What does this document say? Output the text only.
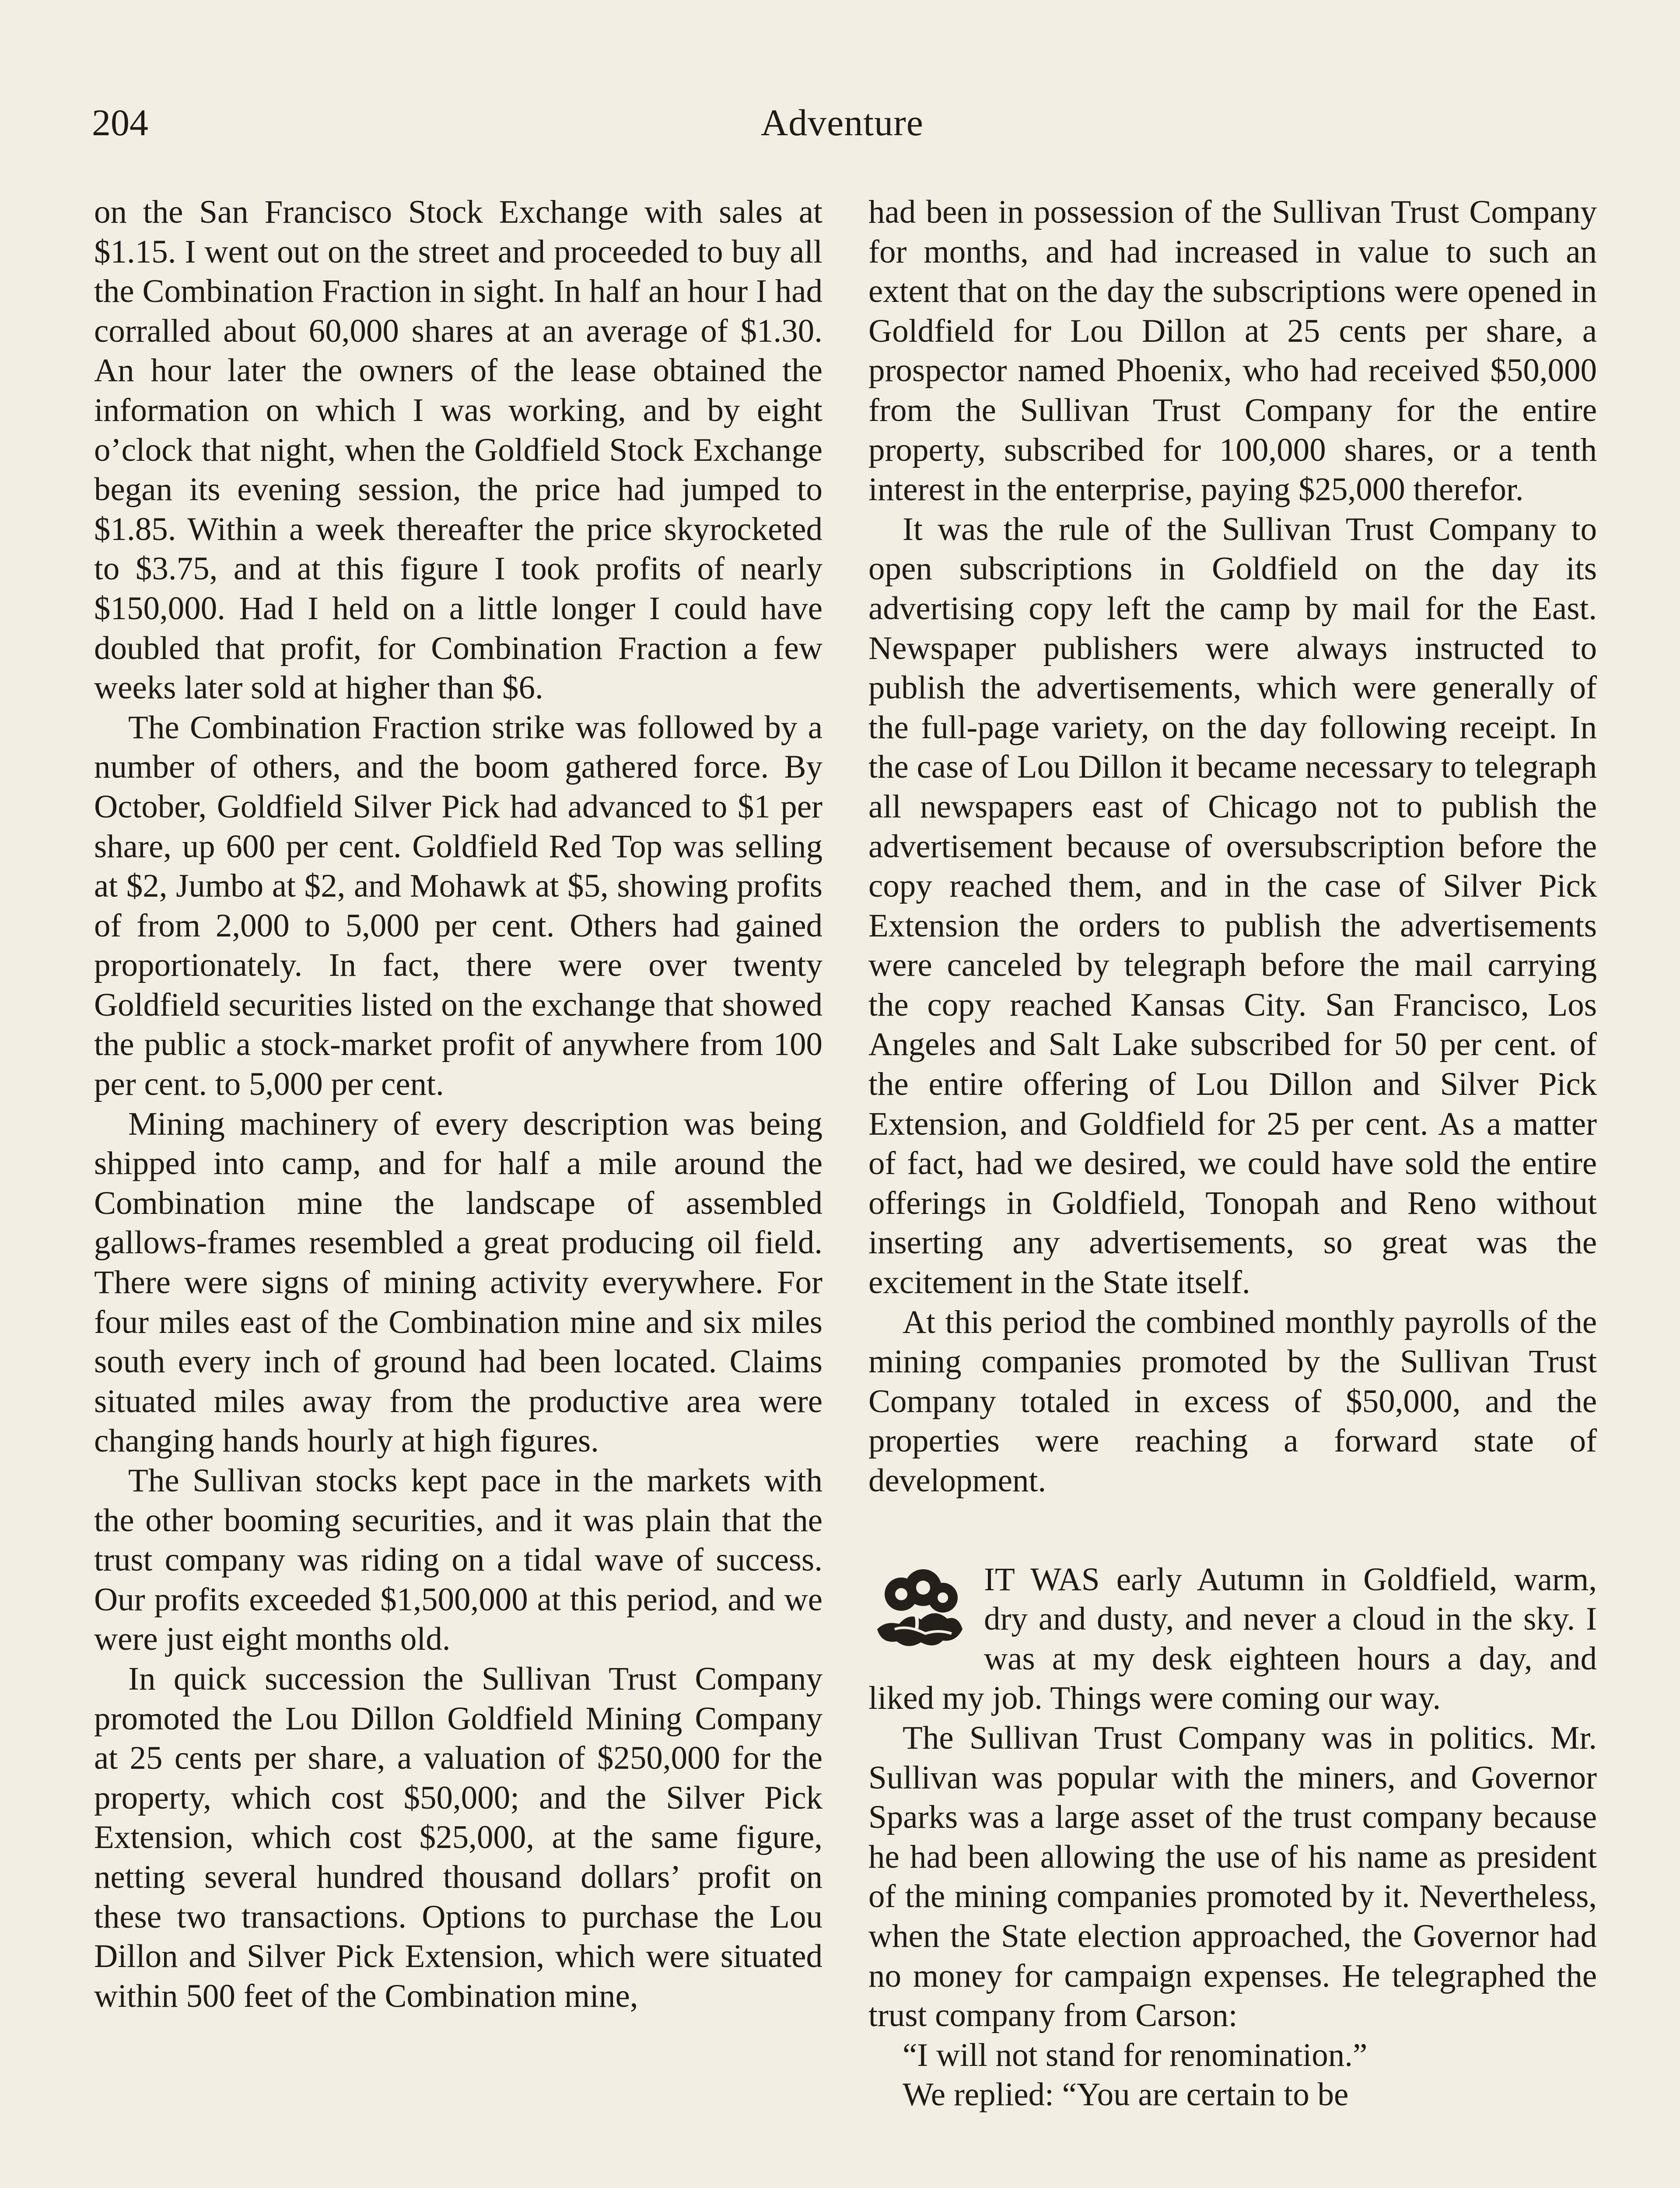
204	Adventure

on the San Francisco Stock Exchange with sales at $1.15. I went out on the street and proceeded to buy all the Combination Fraction in sight. In half an hour I had corralled about 60,000 shares at an average of $1.30. An hour later the owners of the lease obtained the information on which I was working, and by eight o’clock that night, when the Goldfield Stock Exchange began its evening session, the price had jumped to $1.85. Within a week thereafter the price skyrocketed to $3.75, and at this figure I took profits of nearly $150,000. Had I held on a little longer I could have doubled that profit, for Combination Fraction a few weeks later sold at higher than $6.

The Combination Fraction strike was followed by a number of others, and the boom gathered force. By October, Goldfield Silver Pick had advanced to $1 per share, up 600 per cent. Goldfield Red Top was selling at $2, Jumbo at $2, and Mohawk at $5, showing profits of from 2,000 to 5,000 per cent. Others had gained proportionately. In fact, there were over twenty Goldfield securities listed on the exchange that showed the public a stock-market profit of anywhere from 100 per cent. to 5,000 per cent.

Mining machinery of every description was being shipped into camp, and for half a mile around the Combination mine the landscape of assembled gallows-frames resembled a great producing oil field. There were signs of mining activity everywhere. For four miles east of the Combination mine and six miles south every inch of ground had been located. Claims situated miles away from the productive area were changing hands hourly at high figures.

The Sullivan stocks kept pace in the markets with the other booming securities, and it was plain that the trust company was riding on a tidal wave of success. Our profits exceeded $1,500,000 at this period, and we were just eight months old.

In quick succession the Sullivan Trust Company promoted the Lou Dillon Goldfield Mining Company at 25 cents per share, a valuation of $250,000 for the property, which cost $50,000; and the Silver Pick Extension, which cost $25,000, at the same figure, netting several hundred thousand dollars’ profit on these two transactions. Options to purchase the Lou Dillon and Silver Pick Extension, which were situated within 500 feet of the Combination mine,

had been in possession of the Sullivan Trust Company for months, and had increased in value to such an extent that on the day the subscriptions were opened in Goldfield for Lou Dillon at 25 cents per share, a prospector named Phoenix, who had received $50,000 from the Sullivan Trust Company for the entire property, subscribed for 100,000 shares, or a tenth interest in the enterprise, paying $25,000 therefor.

It was the rule of the Sullivan Trust Company to open subscriptions in Goldfield on the day its advertising copy left the camp by mail for the East. Newspaper publishers were always instructed to publish the advertisements, which were generally of the full-page variety, on the day following receipt. In the case of Lou Dillon it became necessary to telegraph all newspapers east of Chicago not to publish the advertisement because of oversubscription before the copy reached them, and in the case of Silver Pick Extension the orders to publish the advertisements were canceled by telegraph before the mail carrying the copy reached Kansas City. San Francisco, Los Angeles and Salt Lake subscribed for 50 per cent. of the entire offering of Lou Dillon and Silver Pick Extension, and Goldfield for 25 per cent. As a matter of fact, had we desired, we could have sold the entire offerings in Goldfield, Tonopah and Reno without inserting any advertisements, so great was the excitement in the State itself.

At this period the combined monthly payrolls of the mining companies promoted by the Sullivan Trust Company totaled in excess of $50,000, and the properties were reaching a forward state of development.

IT WAS early Autumn in Goldfield, warm, dry and dusty, and never a cloud in the sky. I was at my desk eighteen hours a day, and liked my job. Things were coming our way.

The Sullivan Trust Company was in politics. Mr. Sullivan was popular with the miners, and Governor Sparks was a large asset of the trust company because he had been allowing the use of his name as president of the mining companies promoted by it. Nevertheless, when the State election approached, the Governor had no money for campaign expenses. He telegraphed the trust company from Carson:

“I will not stand for renomination.”

We replied: “You are certain to be
